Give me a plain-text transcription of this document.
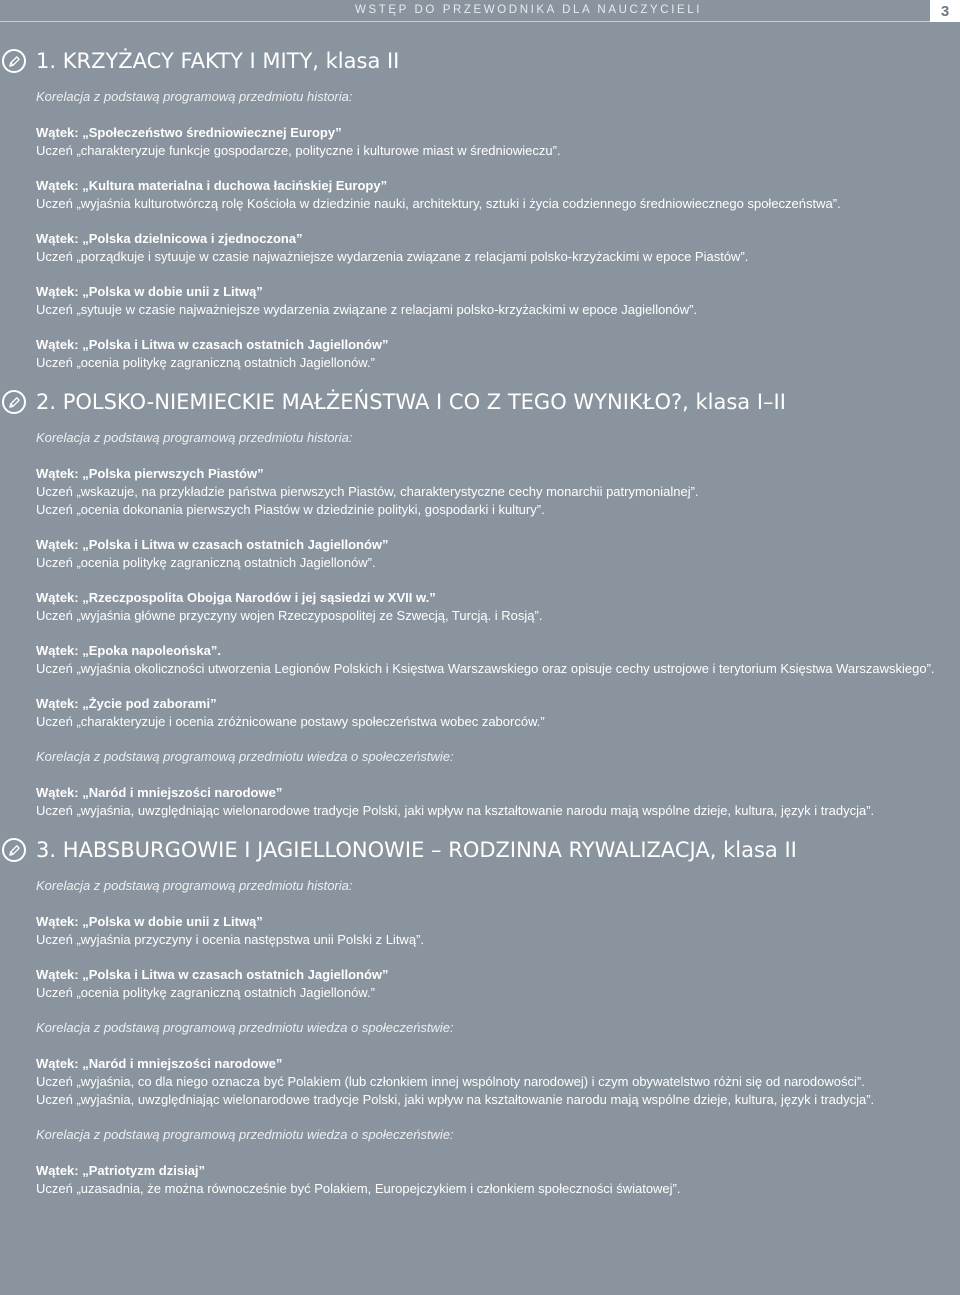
WSTĘP DO PRZEWODNIKA DLA NAUCZYCIELI	3
1. KRZYŻACY FAKTY I MITY, klasa II
Korelacja z podstawą programową przedmiotu historia:
Wątek: „Społeczeństwo średniowiecznej Europy”
Uczeń „charakteryzuje funkcje gospodarcze, polityczne i kulturowe miast w średniowieczu”.
Wątek: „Kultura materialna i duchowa łacińskiej Europy”
Uczeń „wyjaśnia kulturotwórczą rolę Kościoła w dziedzinie nauki, architektury, sztuki i życia codziennego średniowiecznego społeczeństwa”.
Wątek: „Polska dzielnicowa i zjednoczona”
Uczeń „porządkuje i sytuuje w czasie najważniejsze wydarzenia związane z relacjami polsko-krzyżackimi w epoce Piastów”.
Wątek: „Polska w dobie unii z Litwą”
Uczeń „sytuuje w czasie najważniejsze wydarzenia związane z relacjami polsko-krzyżackimi w epoce Jagiellonów”.
Wątek: „Polska i Litwa w czasach ostatnich Jagiellonów”
Uczeń „ocenia politykę zagraniczną ostatnich Jagiellonów.”
2. POLSKO-NIEMIECKIE MAŁŻEŃSTWA I CO Z TEGO WYNIKŁO?, klasa I–II
Korelacja z podstawą programową przedmiotu historia:
Wątek: „Polska pierwszych Piastów”
Uczeń „wskazuje, na przykładzie państwa pierwszych Piastów, charakterystyczne cechy monarchii patrymonialnej”.
Uczeń „ocenia dokonania pierwszych Piastów w dziedzinie polityki, gospodarki i kultury”.
Wątek: „Polska i Litwa w czasach ostatnich Jagiellonów”
Uczeń „ocenia politykę zagraniczną ostatnich Jagiellonów”.
Wątek: „Rzeczpospolita Obojga Narodów i jej sąsiedzi w XVII w.”
Uczeń „wyjaśnia główne przyczyny wojen Rzeczypospolitej ze Szwecją, Turcją. i Rosją”.
Wątek: „Epoka napoleońska”.
Uczeń „wyjaśnia okoliczności utworzenia Legionów Polskich i Księstwa Warszawskiego oraz opisuje cechy ustrojowe i terytorium Księstwa Warszawskiego”.
Wątek: „Życie pod zaborami”
Uczeń „charakteryzuje i ocenia zróżnicowane postawy społeczeństwa wobec zaborców.”
Korelacja z podstawą programową przedmiotu wiedza o społeczeństwie:
Wątek: „Naród i mniejszości narodowe”
Uczeń „wyjaśnia, uwzględniając wielonarodowe tradycje Polski, jaki wpływ na kształtowanie narodu mają wspólne dzieje, kultura, język i tradycja”.
3. HABSBURGOWIE I JAGIELLONOWIE – RODZINNA RYWALIZACJA, klasa II
Korelacja z podstawą programową przedmiotu historia:
Wątek: „Polska w dobie unii z Litwą”
Uczeń „wyjaśnia przyczyny i ocenia następstwa unii Polski z Litwą”.
Wątek: „Polska i Litwa w czasach ostatnich Jagiellonów”
Uczeń „ocenia politykę zagraniczną ostatnich Jagiellonów.”
Korelacja z podstawą programową przedmiotu wiedza o społeczeństwie:
Wątek: „Naród i mniejszości narodowe”
Uczeń „wyjaśnia, co dla niego oznacza być Polakiem (lub członkiem innej wspólnoty narodowej) i czym obywatelstwo różni się od narodowości”.
Uczeń „wyjaśnia, uwzględniając wielonarodowe tradycje Polski, jaki wpływ na kształtowanie narodu mają wspólne dzieje, kultura, język i tradycja”.
Korelacja z podstawą programową przedmiotu wiedza o społeczeństwie:
Wątek: „Patriotyzm dzisiaj”
Uczeń „uzasadnia, że można równocześnie być Polakiem, Europejczykiem i członkiem społeczności światowej”.
